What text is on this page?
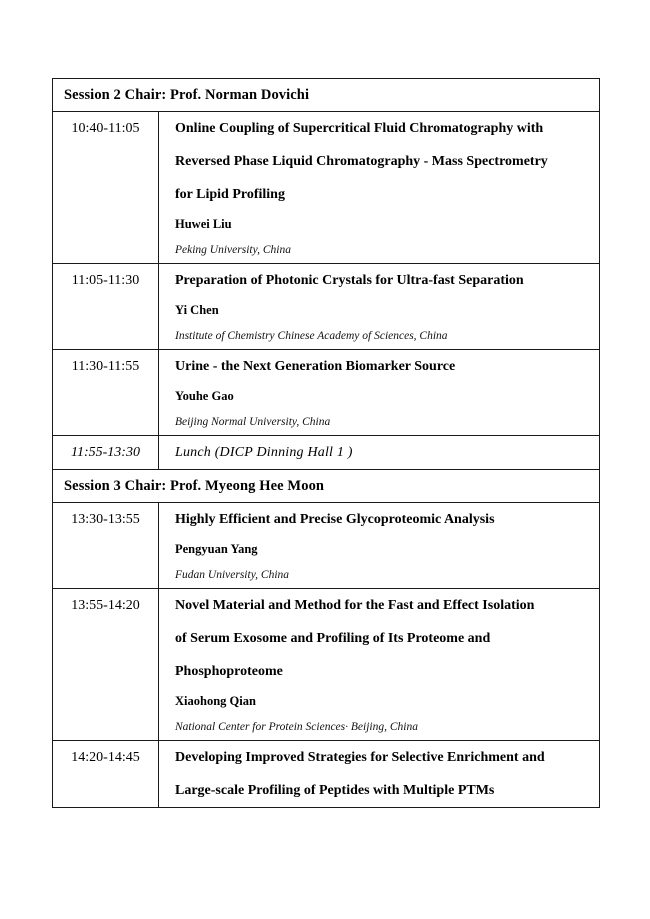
Session 2 Chair: Prof. Norman Dovichi	
10:40-11:05	Online Coupling of Supercritical Fluid Chromatography with

Reversed Phase Liquid Chromatography - Mass Spectrometry

for Lipid Profiling

Huwei Liu

Peking University, China

11:05-11:30	Preparation of Photonic Crystals for Ultra-fast Separation

Yi Chen

Institute of Chemistry Chinese Academy of Sciences, China

11:30-11:55	Urine - the Next Generation Biomarker Source

Youhe Gao

Beijing Normal University, China

11:55-13:30	Lunch (DICP Dinning Hall 1 )
Session 3 Chair: Prof. Myeong Hee Moon	
13:30-13:55	Highly Efficient and Precise Glycoproteomic Analysis

Pengyuan Yang

Fudan University, China

13:55-14:20	Novel Material and Method for the Fast and Effect Isolation

of Serum Exosome and Profiling of Its Proteome and

Phosphoproteome

Xiaohong Qian

National Center for Protein Sciences· Beijing, China

14:20-14:45	Developing Improved Strategies for Selective Enrichment and

Large-scale Profiling of Peptides with Multiple PTMs
